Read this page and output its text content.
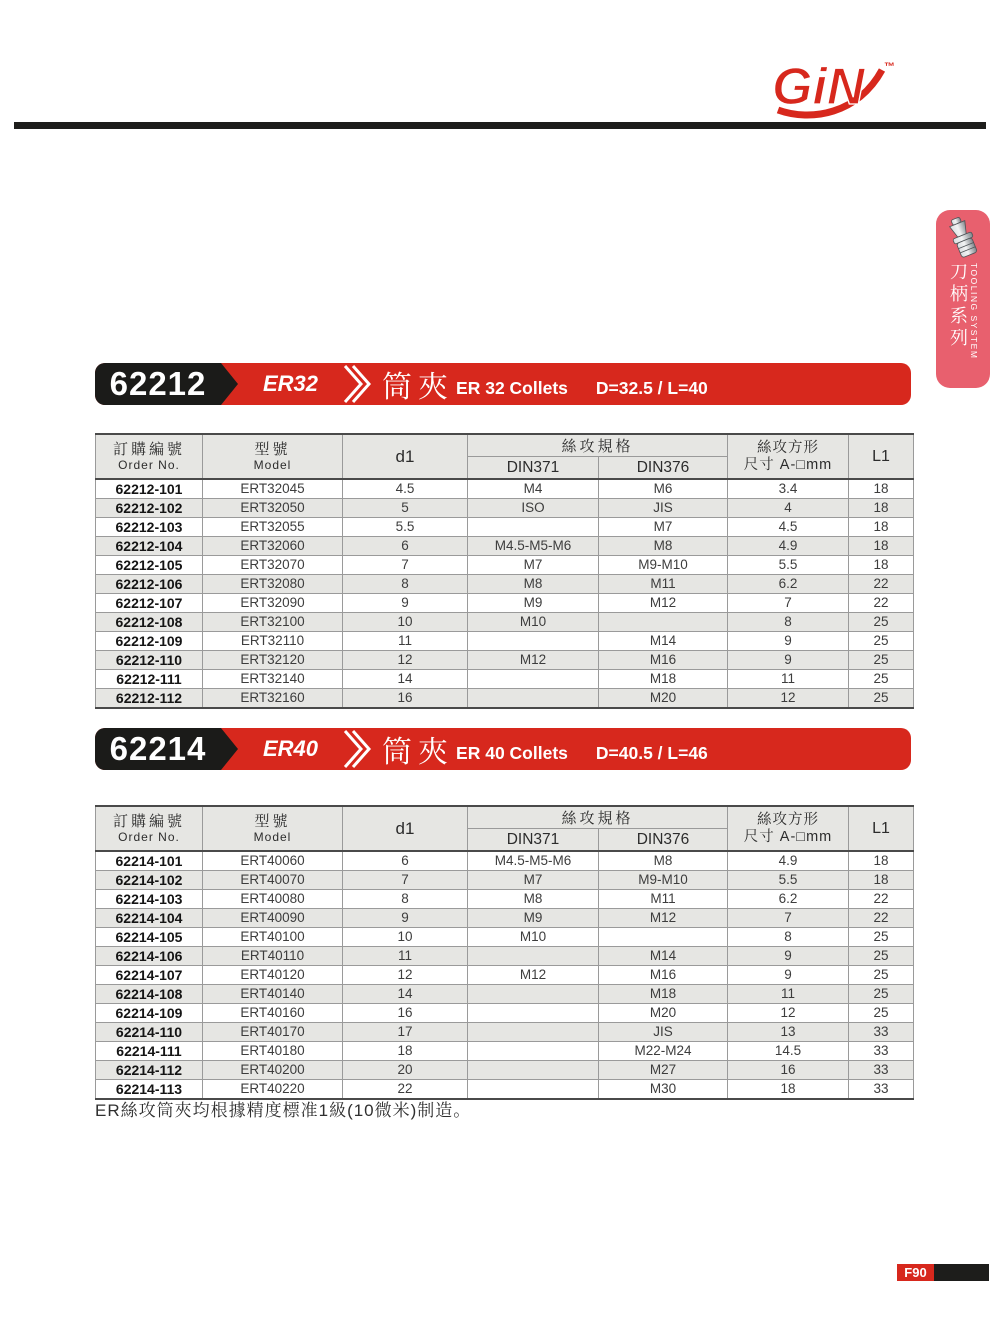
GiN ™
刀柄系列 TOOLING SYSTEM
62212	ER32 筒夾 ER 32 Collets D=32.5 / L=40
訂購編號
Order No.	型號
Model	d1	絲攻規格		絲攻方形
尺寸 A-□mm	L1
			DIN371	DIN376		
62212-101	ERT32045	4.5	M4	M6	3.4	18
62212-102	ERT32050	5	ISO	JIS	4	18
62212-103	ERT32055	5.5		M7	4.5	18
62212-104	ERT32060	6	M4.5-M5-M6	M8	4.9	18
62212-105	ERT32070	7	M7	M9-M10	5.5	18
62212-106	ERT32080	8	M8	M11	6.2	22
62212-107	ERT32090	9	M9	M12	7	22
62212-108	ERT32100	10	M10		8	25
62212-109	ERT32110	11		M14	9	25
62212-110	ERT32120	12	M12	M16	9	25
62212-111	ERT32140	14		M18	11	25
62212-112	ERT32160	16		M20	12	25
62214	ER40 筒夾 ER 40 Collets D=40.5 / L=46
訂購編號
Order No.	型號
Model	d1	絲攻規格		絲攻方形
尺寸 A-□mm	L1
			DIN371	DIN376		
62214-101	ERT40060	6	M4.5-M5-M6	M8	4.9	18
62214-102	ERT40070	7	M7	M9-M10	5.5	18
62214-103	ERT40080	8	M8	M11	6.2	22
62214-104	ERT40090	9	M9	M12	7	22
62214-105	ERT40100	10	M10		8	25
62214-106	ERT40110	11		M14	9	25
62214-107	ERT40120	12	M12	M16	9	25
62214-108	ERT40140	14		M18	11	25
62214-109	ERT40160	16		M20	12	25
62214-110	ERT40170	17		JIS	13	33
62214-111	ERT40180	18		M22-M24	14.5	33
62214-112	ERT40200	20		M27	16	33
62214-113	ERT40220	22		M30	18	33
ER絲攻筒夾均根據精度標准1級(10微米)制造。
F90
